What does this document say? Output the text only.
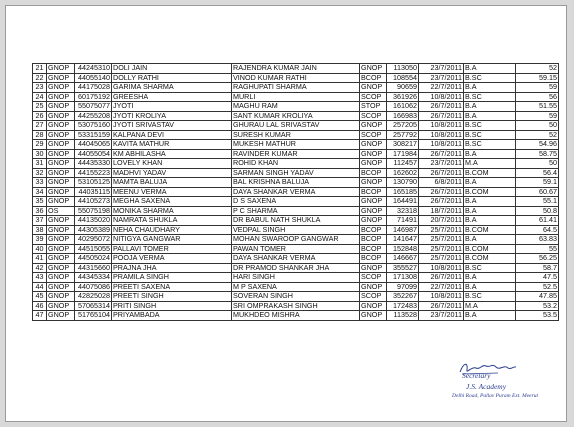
21	GNOP	44245310	DOLI JAIN	RAJENDRA KUMAR JAIN	GNOP	113050	23/7/2011	B.A	52
22	GNOP	44055140	DOLLY RATHI	VINOD KUMAR RATHI	BCOP	108554	23/7/2011	B.SC	59.15
23	GNOP	44175028	GARIMA SHARMA	RAGHUPATI SHARMA	GNOP	90659	22/7/2011	B.A	59
24	GNOP	60175192	GREESHA	MURLI	SCOP	361926	10/8/2011	B.SC	56
25	GNOP	55075077	JYOTI	MAGHU RAM	STOP	161062	26/7/2011	B.A	51.55
26	GNOP	44255208	JYOTI KROLIYA	SANT KUMAR KROLIYA	SCOP	166983	26/7/2011	B.A	59
27	GNOP	53075160	JYOTI SRIVASTAV	GHURAU LAL SRIVASTAV	GNOP	257205	10/8/2011	B.SC	50
28	GNOP	53315159	KALPANA DEVI	SURESH KUMAR	SCOP	257792	10/8/2011	B.SC	52
29	GNOP	44045065	KAVITA MATHUR	MUKESH MATHUR	GNOP	308217	10/8/2011	B.SC	54.96
30	GNOP	44055054	KM ABHILASHA	RAVINDER KUMAR	GNOP	171984	26/7/2011	B.A	58.75
31	GNOP	44435330	LOVELY KHAN	ROHID KHAN	GNOP	112457	23/7/2011	M.A	50
32	GNOP	44155223	MADHVI YADAV	SARMAN SINGH YADAV	BCOP	162602	26/7/2011	B.COM	56.4
33	GNOP	53105125	MAMTA BALUJA	BAL KRISHNA BALUJA	GNOP	130790	6/8/2011	B.A	59.1
34	GNOP	44035115	MEENU VERMA	DAYA SHANKAR VERMA	BCOP	165185	26/7/2011	B.COM	60.67
35	GNOP	44105273	MEGHA SAXENA	D S SAXENA	GNOP	164491	26/7/2011	B.A	55.1
36	OS	55075198	MONIKA SHARMA	P C SHARMA	GNOP	32318	18/7/2011	B.A	50.8
37	GNOP	44135020	NAMRATA SHUKLA	DR BABUL NATH SHUKLA	GNOP	71491	20/7/2011	B.A	61.41
38	GNOP	44305389	NEHA CHAUDHARY	VEDPAL SINGH	BCOP	146987	25/7/2011	B.COM	64.5
39	GNOP	40295072	NITIGYA GANGWAR	MOHAN SWAROOP GANGWAR	BCOP	141647	25/7/2011	B.A	63.83
40	GNOP	44515055	PALLAVI TOMER	PAWAN TOMER	BCOP	152848	25/7/2011	B.COM	55
41	GNOP	44505024	POOJA VERMA	DAYA SHANKAR VERMA	BCOP	146667	25/7/2011	B.COM	56.25
42	GNOP	44315660	PRAJNA JHA	DR PRAMOD SHANKAR JHA	GNOP	355527	10/8/2011	B.SC	58.7
43	GNOP	44345334	PRAMILA SINGH	HARI SINGH	SCOP	171308	26/7/2011	B.A	47.5
44	GNOP	44075086	PREETI SAXENA	M P SAXENA	GNOP	97099	22/7/2011	B.A	52.5
45	GNOP	42825028	PREETI SINGH	SOVERAN SINGH	SCOP	352267	10/8/2011	B.SC	47.85
46	GNOP	57065314	PRITI SINGH	SRI OMPRAKASH SINGH	GNOP	172483	26/7/2011	M.A	53.2
47	GNOP	51765104	PRIYAMBADA	MUKHDEO MISHRA	GNOP	113528	23/7/2011	B.A	53.5
Secretary
J.S. Academy
Delhi Road, Pallav Puram Ext. Meerut
